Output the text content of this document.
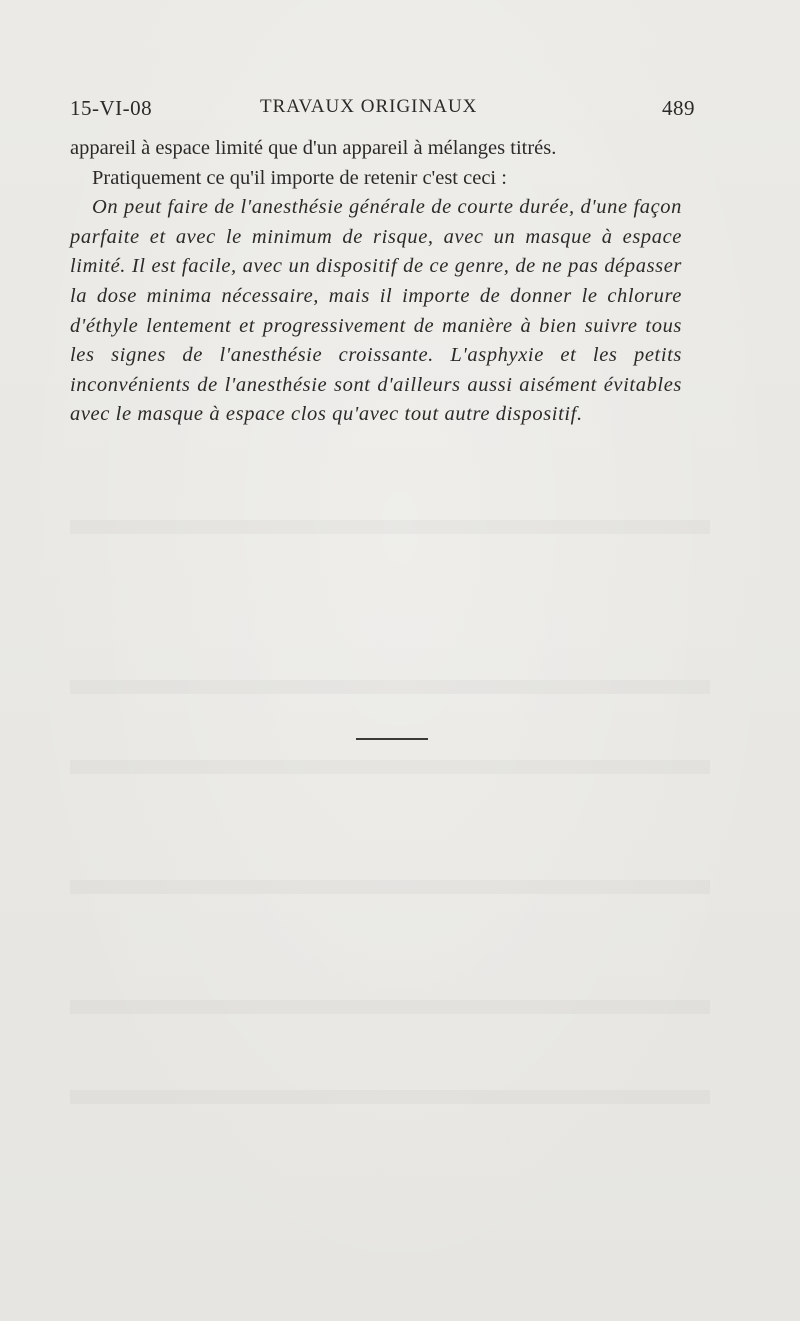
15-VI-08	TRAVAUX ORIGINAUX	489

appareil à espace limité que d'un appareil à mélanges titrés.

Pratiquement ce qu'il importe de retenir c'est ceci :

On peut faire de l'anesthésie générale de courte durée, d'une façon parfaite et avec le minimum de risque, avec un masque à espace limité. Il est facile, avec un dispositif de ce genre, de ne pas dépasser la dose minima nécessaire, mais il importe de donner le chlorure d'éthyle lentement et progressivement de manière à bien suivre tous les signes de l'anesthésie croissante. L'asphyxie et les petits inconvénients de l'anesthésie sont d'ailleurs aussi aisément évitables avec le masque à espace clos qu'avec tout autre dispositif.
